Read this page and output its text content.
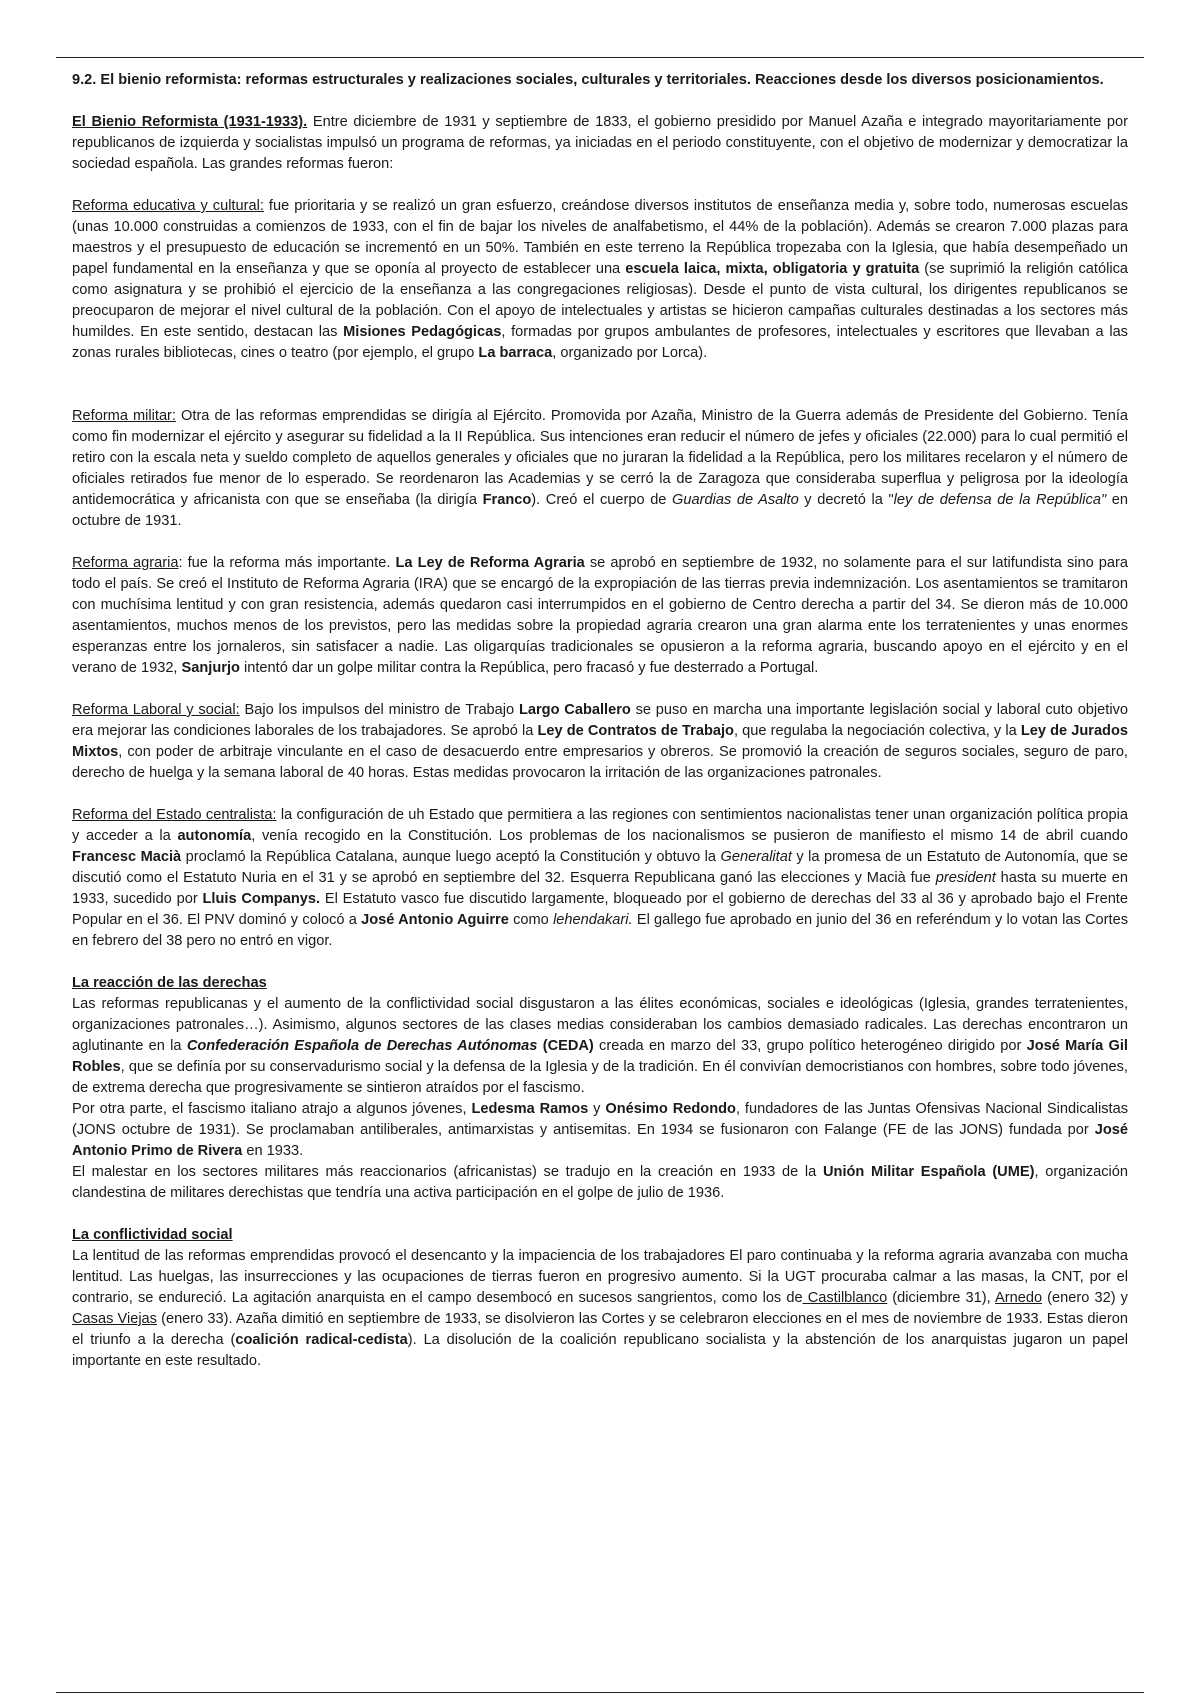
9.2. El bienio reformista: reformas estructurales y realizaciones sociales, culturales y territoriales. Reacciones desde los diversos posicionamientos.

El Bienio Reformista (1931-1933). Entre diciembre de 1931 y septiembre de 1833, el gobierno presidido por Manuel Azaña e integrado mayoritariamente por republicanos de izquierda y socialistas impulsó un programa de reformas, ya iniciadas en el periodo constituyente, con el objetivo de modernizar y democratizar la sociedad española. Las grandes reformas fueron:

Reforma educativa y cultural: fue prioritaria y se realizó un gran esfuerzo, creándose diversos institutos de enseñanza media y, sobre todo, numerosas escuelas (unas 10.000 construidas a comienzos de 1933, con el fin de bajar los niveles de analfabetismo, el 44% de la población). Además se crearon 7.000 plazas para maestros y el presupuesto de educación se incrementó en un 50%. También en este terreno la República tropezaba con la Iglesia, que había desempeñado un papel fundamental en la enseñanza y que se oponía al proyecto de establecer una escuela laica, mixta, obligatoria y gratuita (se suprimió la religión católica como asignatura y se prohibió el ejercicio de la enseñanza a las congregaciones religiosas). Desde el punto de vista cultural, los dirigentes republicanos se preocuparon de mejorar el nivel cultural de la población. Con el apoyo de intelectuales y artistas se hicieron campañas culturales destinadas a los sectores más humildes. En este sentido, destacan las Misiones Pedagógicas, formadas por grupos ambulantes de profesores, intelectuales y escritores que llevaban a las zonas rurales bibliotecas, cines o teatro (por ejemplo, el grupo La barraca, organizado por Lorca).

Reforma militar: Otra de las reformas emprendidas se dirigía al Ejército. Promovida por Azaña, Ministro de la Guerra además de Presidente del Gobierno. Tenía como fin modernizar el ejército y asegurar su fidelidad a la II República. Sus intenciones eran reducir el número de jefes y oficiales (22.000) para lo cual permitió el retiro con la escala neta y sueldo completo de aquellos generales y oficiales que no juraran la fidelidad a la República, pero los militares recelaron y el número de oficiales retirados fue menor de lo esperado. Se reordenaron las Academias y se cerró la de Zaragoza que consideraba superflua y peligrosa por la ideología antidemocrática y africanista con que se enseñaba (la dirigía Franco). Creó el cuerpo de Guardias de Asalto y decretó la "ley de defensa de la República" en octubre de 1931.

Reforma agraria: fue la reforma más importante. La Ley de Reforma Agraria se aprobó en septiembre de 1932, no solamente para el sur latifundista sino para todo el país. Se creó el Instituto de Reforma Agraria (IRA) que se encargó de la expropiación de las tierras previa indemnización. Los asentamientos se tramitaron con muchísima lentitud y con gran resistencia, además quedaron casi interrumpidos en el gobierno de Centro derecha a partir del 34. Se dieron más de 10.000 asentamientos, muchos menos de los previstos, pero las medidas sobre la propiedad agraria crearon una gran alarma ente los terratenientes y unas enormes esperanzas entre los jornaleros, sin satisfacer a nadie. Las oligarquías tradicionales se opusieron a la reforma agraria, buscando apoyo en el ejército y en el verano de 1932, Sanjurjo intentó dar un golpe militar contra la República, pero fracasó y fue desterrado a Portugal.

Reforma Laboral y social: Bajo los impulsos del ministro de Trabajo Largo Caballero se puso en marcha una importante legislación social y laboral cuto objetivo era mejorar las condiciones laborales de los trabajadores. Se aprobó la Ley de Contratos de Trabajo, que regulaba la negociación colectiva, y la Ley de Jurados Mixtos, con poder de arbitraje vinculante en el caso de desacuerdo entre empresarios y obreros. Se promovió la creación de seguros sociales, seguro de paro, derecho de huelga y la semana laboral de 40 horas. Estas medidas provocaron la irritación de las organizaciones patronales.

Reforma del Estado centralista: la configuración de uh Estado que permitiera a las regiones con sentimientos nacionalistas tener unan organización política propia y acceder a la autonomía, venía recogido en la Constitución. Los problemas de los nacionalismos se pusieron de manifiesto el mismo 14 de abril cuando Francesc Macià proclamó la República Catalana, aunque luego aceptó la Constitución y obtuvo la Generalitat y la promesa de un Estatuto de Autonomía, que se discutió como el Estatuto Nuria en el 31 y se aprobó en septiembre del 32. Esquerra Republicana ganó las elecciones y Macià fue president hasta su muerte en 1933, sucedido por Lluis Companys. El Estatuto vasco fue discutido largamente, bloqueado por el gobierno de derechas del 33 al 36 y aprobado bajo el Frente Popular en el 36. El PNV dominó y colocó a José Antonio Aguirre como lehendakari. El gallego fue aprobado en junio del 36 en referéndum y lo votan las Cortes en febrero del 38 pero no entró en vigor.

La reacción de las derechas

Las reformas republicanas y el aumento de la conflictividad social disgustaron a las élites económicas, sociales e ideológicas (Iglesia, grandes terratenientes, organizaciones patronales…). Asimismo, algunos sectores de las clases medias consideraban los cambios demasiado radicales. Las derechas encontraron un aglutinante en la Confederación Española de Derechas Autónomas (CEDA) creada en marzo del 33, grupo político heterogéneo dirigido por José María Gil Robles, que se definía por su conservadurismo social y la defensa de la Iglesia y de la tradición. En él convivían democristianos con hombres, sobre todo jóvenes, de extrema derecha que progresivamente se sintieron atraídos por el fascismo.

Por otra parte, el fascismo italiano atrajo a algunos jóvenes, Ledesma Ramos y Onésimo Redondo, fundadores de las Juntas Ofensivas Nacional Sindicalistas (JONS octubre de 1931). Se proclamaban antiliberales, antimarxistas y antisemitas. En 1934 se fusionaron con Falange (FE de las JONS) fundada por José Antonio Primo de Rivera en 1933.

El malestar en los sectores militares más reaccionarios (africanistas) se tradujo en la creación en 1933 de la Unión Militar Española (UME), organización clandestina de militares derechistas que tendría una activa participación en el golpe de julio de 1936.

La conflictividad social

La lentitud de las reformas emprendidas provocó el desencanto y la impaciencia de los trabajadores El paro continuaba y la reforma agraria avanzaba con mucha lentitud. Las huelgas, las insurrecciones y las ocupaciones de tierras fueron en progresivo aumento. Si la UGT procuraba calmar a las masas, la CNT, por el contrario, se endureció. La agitación anarquista en el campo desembocó en sucesos sangrientos, como los de Castilblanco (diciembre 31), Arnedo (enero 32) y Casas Viejas (enero 33). Azaña dimitió en septiembre de 1933, se disolvieron las Cortes y se celebraron elecciones en el mes de noviembre de 1933. Estas dieron el triunfo a la derecha (coalición radical-cedista). La disolución de la coalición republicano socialista y la abstención de los anarquistas jugaron un papel importante en este resultado.
